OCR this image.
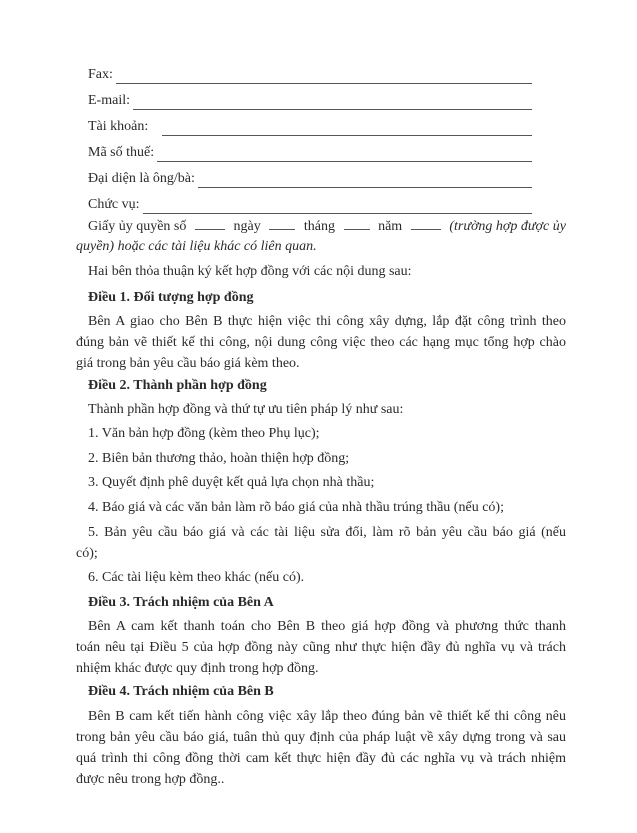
Fax:
E-mail:
Tài khoản:
Mã số thuế:
Đại diện là ông/bà:
Chức vụ:
Giấy ủy quyền số	ngày	tháng	năm	(trường hợp được ủy
quyền) hoặc các tài liệu khác có liên quan.
Hai bên thỏa thuận ký kết hợp đồng với các nội dung sau:
Điều 1. Đối tượng hợp đồng
Bên A giao cho Bên B thực hiện việc thi công xây dựng, lắp đặt công trình theo
đúng bản vẽ thiết kế thi công, nội dung công việc theo các hạng mục tổng hợp chào
giá trong bản yêu cầu báo giá kèm theo.
Điều 2. Thành phần hợp đồng
Thành phần hợp đồng và thứ tự ưu tiên pháp lý như sau:
1. Văn bản hợp đồng (kèm theo Phụ lục);
2. Biên bản thương thảo, hoàn thiện hợp đồng;
3. Quyết định phê duyệt kết quả lựa chọn nhà thầu;
4. Báo giá và các văn bản làm rõ báo giá của nhà thầu trúng thầu (nếu có);
5. Bản yêu cầu báo giá và các tài liệu sửa đổi, làm rõ bản yêu cầu báo giá (nếu
có);
6. Các tài liệu kèm theo khác (nếu có).
Điều 3. Trách nhiệm của Bên A
Bên A cam kết thanh toán cho Bên B theo giá hợp đồng và phương thức thanh
toán nêu tại Điều 5 của hợp đồng này cũng như thực hiện đầy đủ nghĩa vụ và trách
nhiệm khác được quy định trong hợp đồng.
Điều 4. Trách nhiệm của Bên B
Bên B cam kết tiến hành công việc xây lắp theo đúng bản vẽ thiết kế thi công nêu
trong bản yêu cầu báo giá, tuân thủ quy định của pháp luật về xây dựng trong và sau
quá trình thi công đồng thời cam kết thực hiện đầy đủ các nghĩa vụ và trách nhiệm
được nêu trong hợp đồng..
